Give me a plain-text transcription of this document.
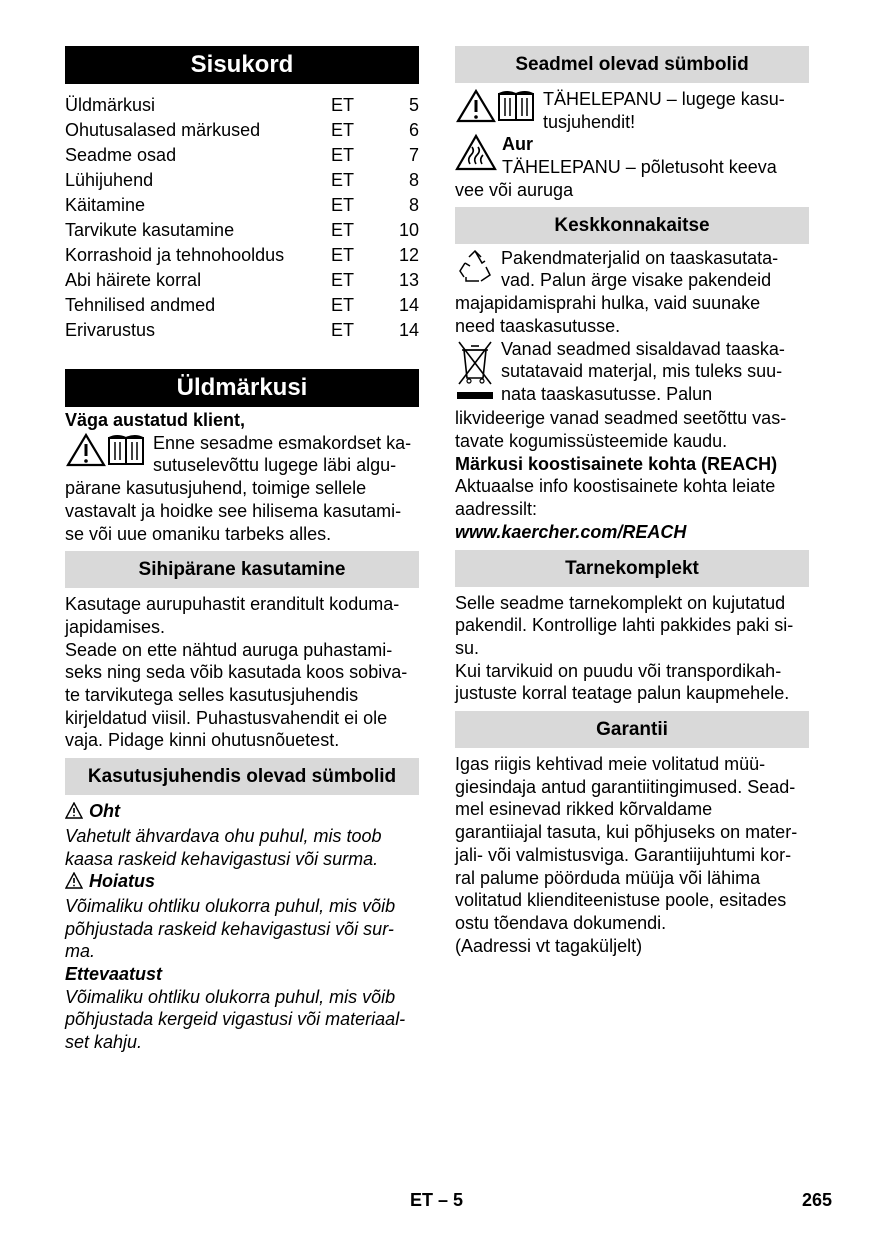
Sisukord
Üldmärkusi	ET	5
Ohutusalased märkused	ET	6
Seadme osad	ET	7
Lühijuhend	ET	8
Käitamine	ET	8
Tarvikute kasutamine	ET	10
Korrashoid ja tehnohooldus	ET	12
Abi häirete korral	ET	13
Tehnilised andmed	ET	14
Erivarustus	ET	14
Üldmärkusi

Väga austatud klient,

Enne sesadme esmakordset ka-

sutuselevõttu lugege läbi algu-

pärane kasutusjuhend, toimige sellele

vastavalt ja hoidke see hilisema kasutami-

se või uue omaniku tarbeks alles.

Sihipärane kasutamine

Kasutage aurupuhastit eranditult koduma-

japidamises.

Seade on ette nähtud auruga puhastami-

seks ning seda võib kasutada koos sobiva-

te tarvikutega selles kasutusjuhendis

kirjeldatud viisil. Puhastusvahendit ei ole

vaja. Pidage kinni ohutusnõuetest.

Kasutusjuhendis olevad sümbolid

Oht

Vahetult ähvardava ohu puhul, mis toob

kaasa raskeid kehavigastusi või surma.

Hoiatus

Võimaliku ohtliku olukorra puhul, mis võib

põhjustada raskeid kehavigastusi või sur-

ma.

Ettevaatust

Võimaliku ohtliku olukorra puhul, mis võib

põhjustada kergeid vigastusi või materiaal-

set kahju.

Seadmel olevad sümbolid

TÄHELEPANU – lugege kasu-

tusjuhendit!

Aur

TÄHELEPANU – põletusoht keeva

vee või auruga

Keskkonnakaitse

Pakendmaterjalid on taaskasutata-

vad. Palun ärge visake pakendeid

majapidamisprahi hulka, vaid suunake

need taaskasutusse.

Vanad seadmed sisaldavad taaska-

sutatavaid materjal, mis tuleks suu-

nata taaskasutusse. Palun

likvideerige vanad seadmed seetõttu vas-

tavate kogumissüsteemide kaudu.

Märkusi koostisainete kohta (REACH)

Aktuaalse info koostisainete kohta leiate

aadressilt:

www.kaercher.com/REACH

Tarnekomplekt

Selle seadme tarnekomplekt on kujutatud

pakendil. Kontrollige lahti pakkides paki si-

su.

Kui tarvikuid on puudu või transpordikah-

justuste korral teatage palun kaupmehele.

Garantii

Igas riigis kehtivad meie volitatud müü-

giesindaja antud garantiitingimused. Sead-

mel esinevad rikked kõrvaldame

garantiiajal tasuta, kui põhjuseks on mater-

jali- või valmistusviga. Garantiijuhtumi kor-

ral palume pöörduda müüja või lähima

volitatud klienditeenistuse poole, esitades

ostu tõendava dokumendi.

(Aadressi vt tagaküljelt)

ET – 5	265
